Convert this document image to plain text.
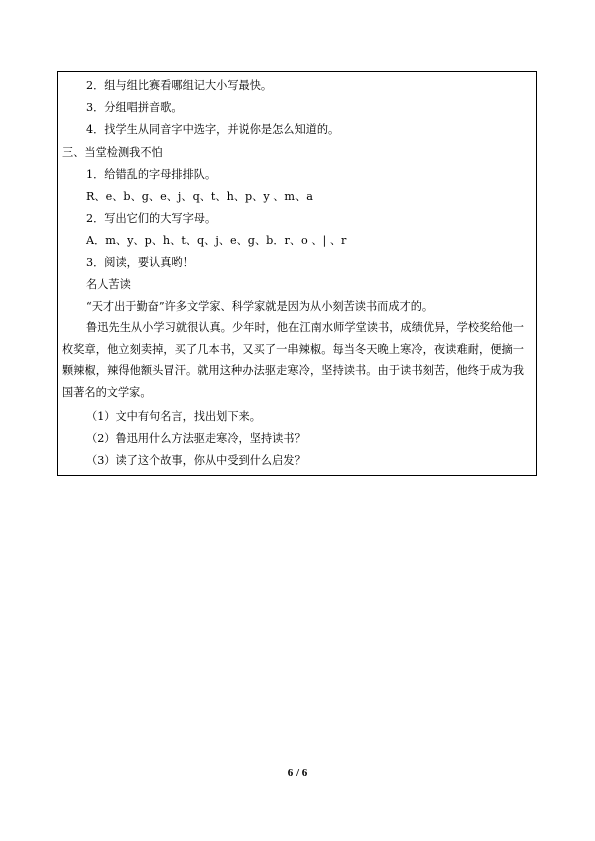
2．组与组比赛看哪组记大小写最快。
3．分组唱拼音歌。
4．找学生从同音字中选字，并说你是怎么知道的。
三、当堂检测我不怕
1．给错乱的字母排排队。
R、e、b、g、e、j、q、t、h、p、y 、m、a
2．写出它们的大写字母。
A．m、y、p、h、t、q、j、e、g、b．r、o 、| 、r
3．阅读，要认真哟！
名人苦读
“天才出于勤奋”许多文学家、科学家就是因为从小刻苦读书而成才的。
鲁迅先生从小学习就很认真。少年时，他在江南水师学堂读书，成绩优异，学校奖给他一枚奖章，他立刻卖掉，买了几本书，又买了一串辣椒。每当冬天晚上寒冷，夜读难耐，便摘一颗辣椒，辣得他额头冒汗。就用这种办法驱走寒冷，坚持读书。由于读书刻苦，他终于成为我国著名的文学家。
（1）文中有句名言，找出划下来。
（2）鲁迅用什么方法驱走寒冷，坚持读书？
（3）读了这个故事，你从中受到什么启发？
6 / 6
